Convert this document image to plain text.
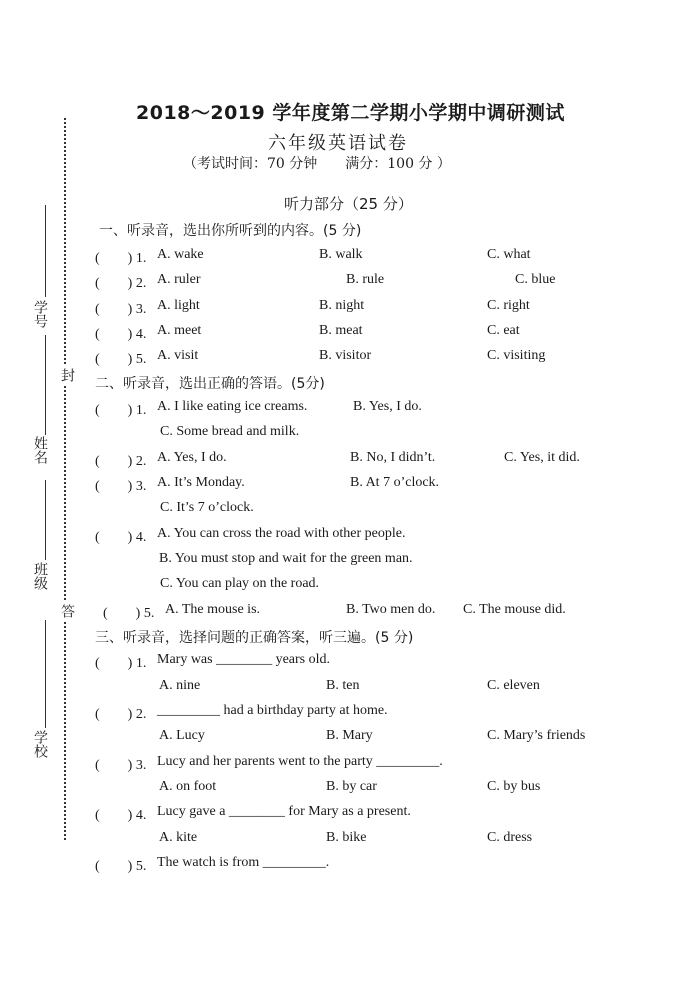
学号
封
姓名
班级
答
学校
2018～2019 学年度第二学期小学期中调研测试
六年级英语试卷
（考试时间：70 分钟　　满分：100 分 ）
听力部分（25 分）
一、听录音，选出你所听到的内容。(5 分)
(　　) 1. A. wake	B. walk	C. what
(　　) 2. A. ruler	B. rule	C. blue
(　　) 3. A. light	B. night	C. right
(　　) 4. A. meet	B. meat	C. eat
(　　) 5. A. visit	B. visitor	C. visiting
二、听录音，选出正确的答语。(5分)
(　　) 1. A. I like eating ice creams.	B. Yes, I do.
C. Some bread and milk.
(　　) 2. A. Yes, I do.	B. No, I didn’t.	C. Yes, it did.
(　　) 3. A. It’s Monday.	B. At 7 o’clock.
C. It’s 7 o’clock.
(　　) 4. A. You can cross the road with other people.
B. You must stop and wait for the green man.
C. You can play on the road.
(　　) 5. A. The mouse is.	B. Two men do. C. The mouse did.
三、听录音，选择问题的正确答案，听三遍。(5 分)
(　　) 1. Mary was ________ years old.
A. nine	B. ten	C. eleven
(　　) 2. _________ had a birthday party at home.
A. Lucy	B. Mary	C. Mary’s friends
(　　) 3. Lucy and her parents went to the party _________.
A. on foot	B. by car	C. by bus
(　　) 4. Lucy gave a ________ for Mary as a present.
A. kite	B. bike	C. dress
(　　) 5. The watch is from _________.
